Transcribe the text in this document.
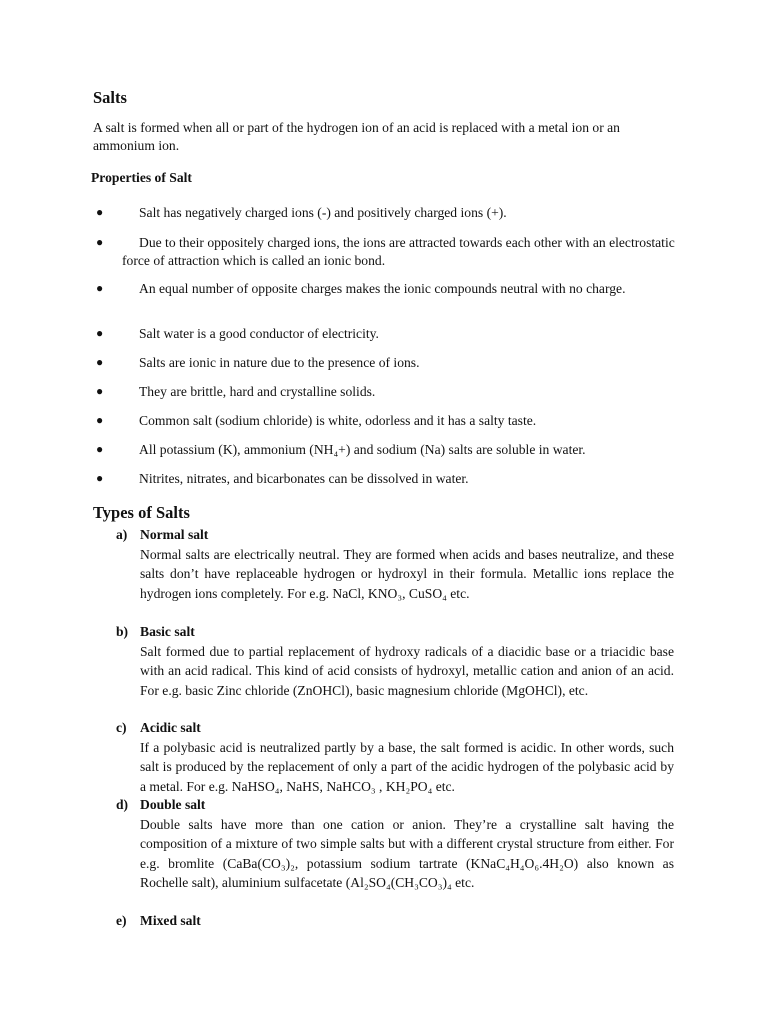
Salts
A salt is formed when all or part of the hydrogen ion of an acid is replaced with a metal ion or an ammonium ion.
Properties of Salt
●	Salt has negatively charged ions (-) and positively charged ions (+).
●	Due to their oppositely charged ions, the ions are attracted towards each other with an electrostatic force of attraction which is called an ionic bond.
●	An equal number of opposite charges makes the ionic compounds neutral with no charge.
●	Salt water is a good conductor of electricity.
●	Salts are ionic in nature due to the presence of ions.
●	They are brittle, hard and crystalline solids.
●	Common salt (sodium chloride) is white, odorless and it has a salty taste.
●	All potassium (K), ammonium (NH₄+) and sodium (Na) salts are soluble in water.
●	Nitrites, nitrates, and bicarbonates can be dissolved in water.
Types of Salts
a) Normal salt
Normal salts are electrically neutral. They are formed when acids and bases neutralize, and these salts don’t have replaceable hydrogen or hydroxyl in their formula. Metallic ions replace the hydrogen ions completely. For e.g. NaCl, KNO₃, CuSO₄ etc.
b) Basic salt
Salt formed due to partial replacement of hydroxy radicals of a diacidic base or a triacidic base with an acid radical. This kind of acid consists of hydroxyl, metallic cation and anion of an acid. For e.g. basic Zinc chloride (ZnOHCl), basic magnesium chloride (MgOHCl), etc.
c) Acidic salt
If a polybasic acid is neutralized partly by a base, the salt formed is acidic. In other words, such salt is produced by the replacement of only a part of the acidic hydrogen of the polybasic acid by a metal. For e.g. NaHSO₄, NaHS, NaHCO₃ , KH₂PO₄ etc.
d) Double salt
Double salts have more than one cation or anion. They’re a crystalline salt having the composition of a mixture of two simple salts but with a different crystal structure from either. For e.g. bromlite (CaBa(CO₃)₂, potassium sodium tartrate (KNaC₄H₄O₆.4H₂O) also known as Rochelle salt), aluminium sulfacetate (Al₂SO₄(CH₃CO₃)₄ etc.
e) Mixed salt
